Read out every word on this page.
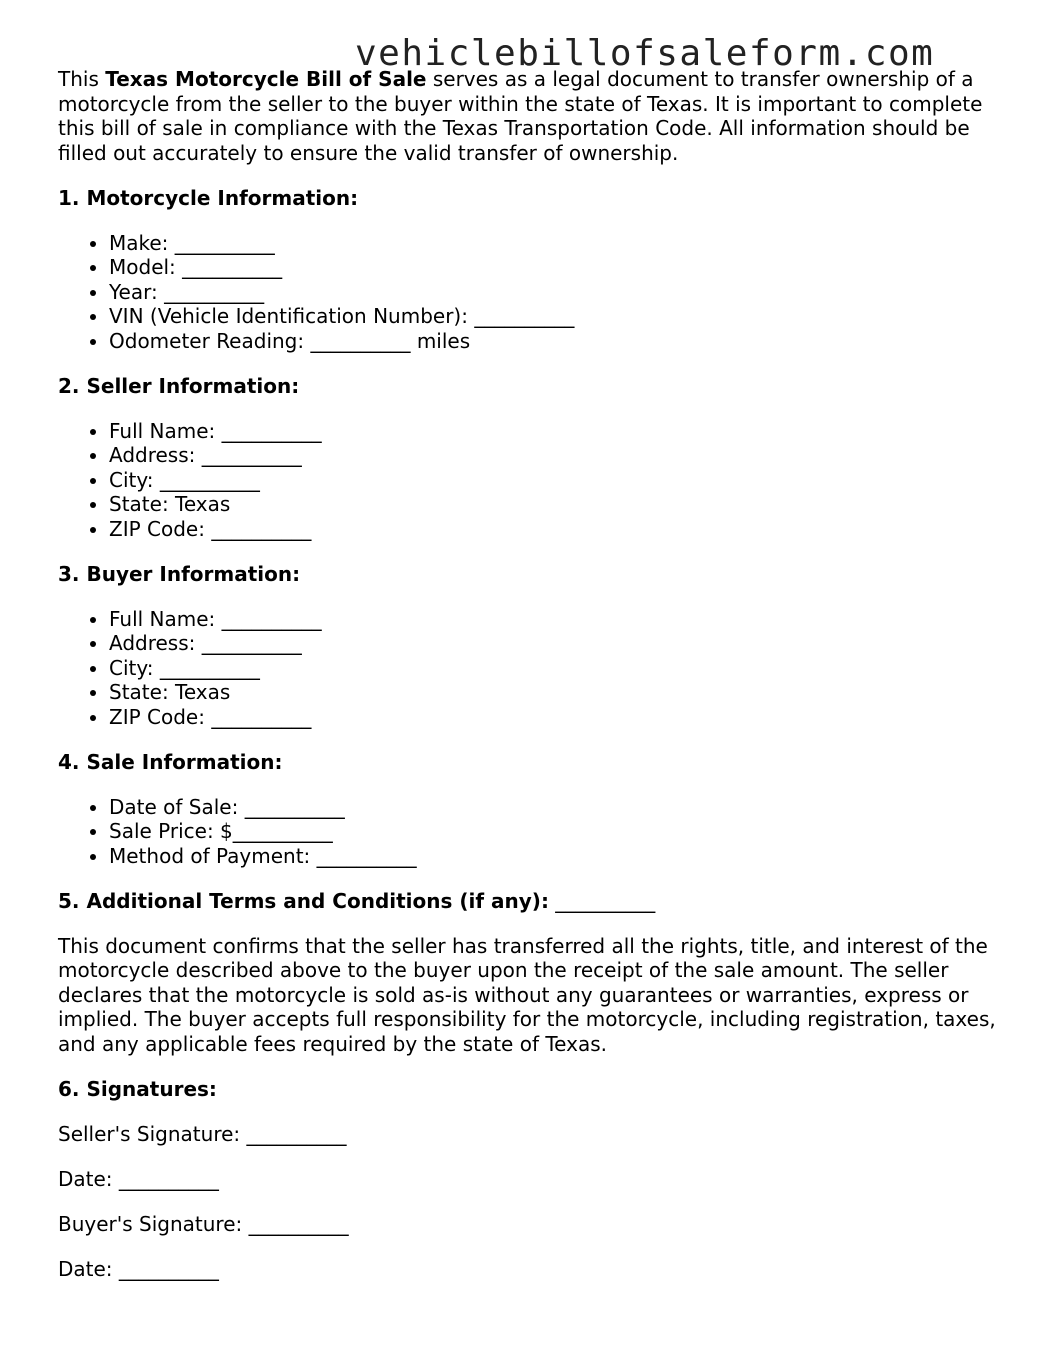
vehiclebillofsaleform.com

This Texas Motorcycle Bill of Sale serves as a legal document to transfer ownership of a motorcycle from the seller to the buyer within the state of Texas. It is important to complete this bill of sale in compliance with the Texas Transportation Code. All information should be filled out accurately to ensure the valid transfer of ownership.

1. Motorcycle Information:
• Make: __________
• Model: __________
• Year: __________
• VIN (Vehicle Identification Number): __________
• Odometer Reading: __________ miles
2. Seller Information:
• Full Name: __________
• Address: __________
• City: __________
• State: Texas
• ZIP Code: __________
3. Buyer Information:
• Full Name: __________
• Address: __________
• City: __________
• State: Texas
• ZIP Code: __________
4. Sale Information:
• Date of Sale: __________
• Sale Price: $__________
• Method of Payment: __________
5. Additional Terms and Conditions (if any): __________

This document confirms that the seller has transferred all the rights, title, and interest of the motorcycle described above to the buyer upon the receipt of the sale amount. The seller declares that the motorcycle is sold as-is without any guarantees or warranties, express or implied. The buyer accepts full responsibility for the motorcycle, including registration, taxes, and any applicable fees required by the state of Texas.

6. Signatures:

Seller's Signature: __________

Date: __________

Buyer's Signature: __________

Date: __________
